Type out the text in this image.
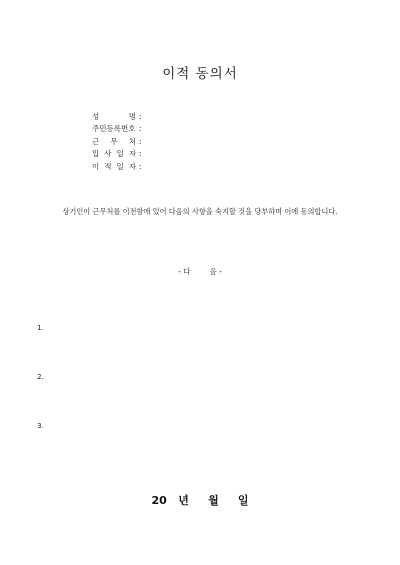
이적 동의서
성	명 :
주민등록번호 :
근 무 처 :
입 사 일 자 :
이 적 일 자 :
상기인이 근무처를 이전함에 있어 다음의 사항을 숙지할 것을 당부하며 이에 동의합니다.
- 다        음 -
1.
2.
3.
20   년     월     일
